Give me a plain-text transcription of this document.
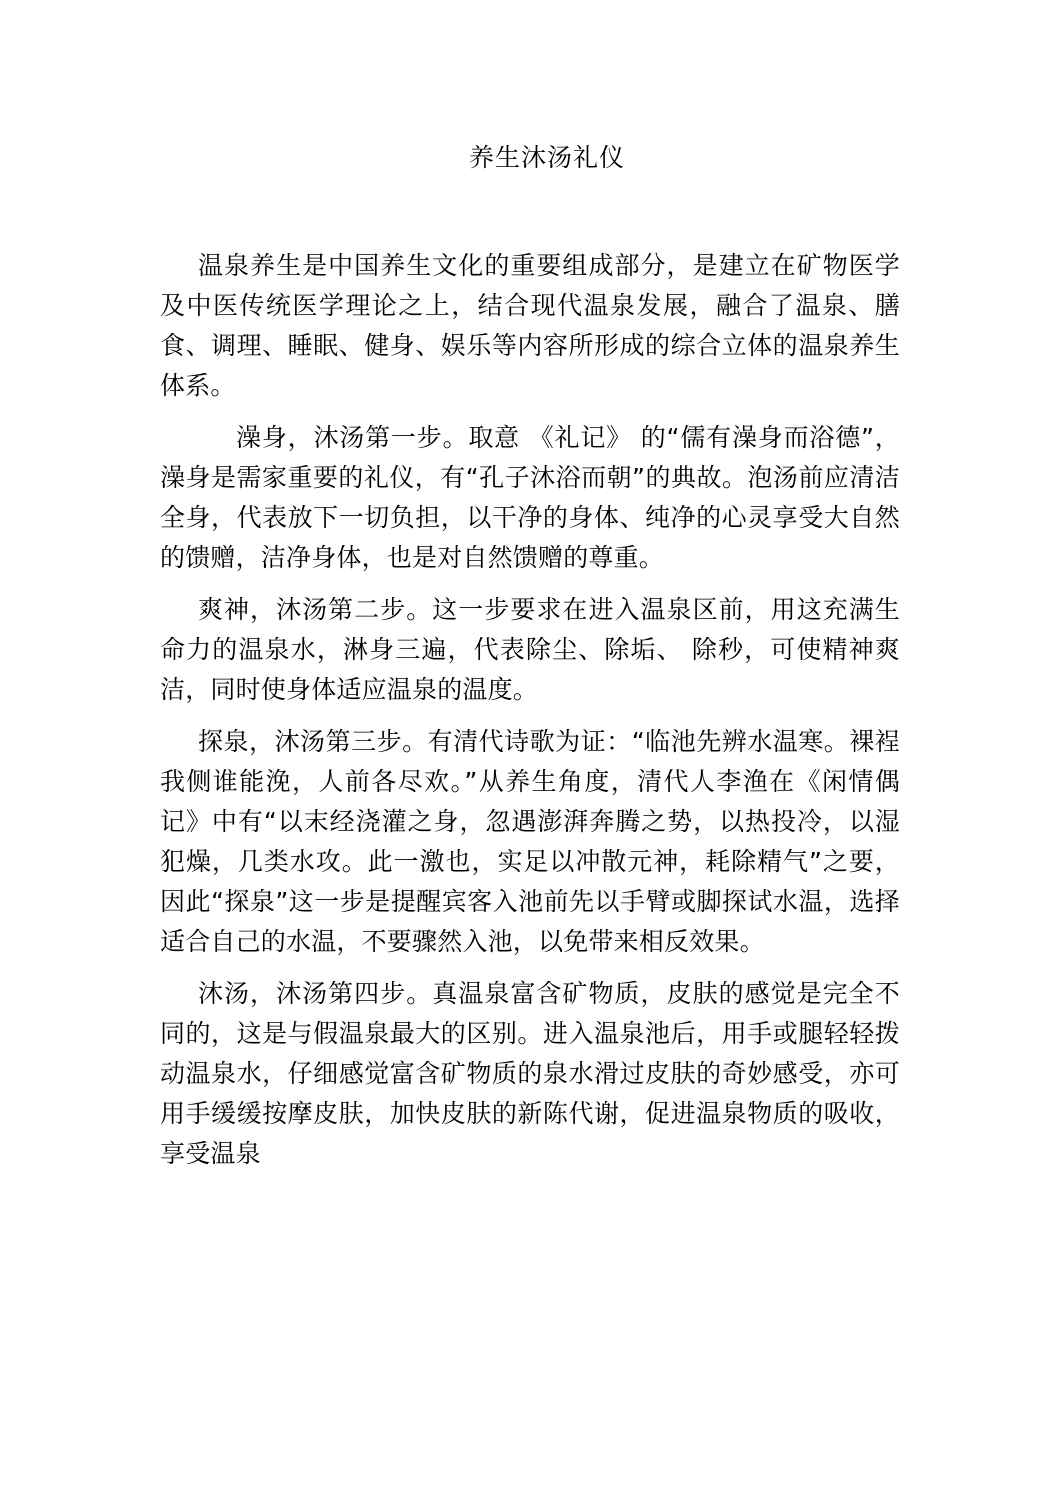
养生沐汤礼仪

温泉养生是中国养生文化的重要组成部分，是建立在矿物医学及中医传统医学理论之上，结合现代温泉发展，融合了温泉、膳食、调理、睡眠、健身、娱乐等内容所形成的综合立体的温泉养生体系。

澡身，沐汤第一步。取意 《礼记》 的“儒有澡身而浴德”，澡身是需家重要的礼仪，有“孔子沐浴而朝”的典故。泡汤前应清洁全身，代表放下一切负担，以干净的身体、纯净的心灵享受大自然的馈赠，洁净身体，也是对自然馈赠的尊重。

爽神，沐汤第二步。这一步要求在进入温泉区前，用这充满生命力的温泉水，淋身三遍，代表除尘、除垢、 除秒，可使精神爽洁，同时使身体适应温泉的温度。

探泉，沐汤第三步。有清代诗歌为证：“临池先辨水温寒。裸裎我侧谁能浼，人前各尽欢。”从养生角度，清代人李渔在《闲情偶记》中有“以末经浇灌之身，忽遇澎湃奔腾之势，以热投冷，以湿犯燥，几类水攻。此一激也，实足以冲散元神，耗除精气”之要，因此“探泉”这一步是提醒宾客入池前先以手臂或脚探试水温，选择适合自己的水温，不要骤然入池，以免带来相反效果。

沐汤，沐汤第四步。真温泉富含矿物质，皮肤的感觉是完全不同的，这是与假温泉最大的区别。进入温泉池后，用手或腿轻轻拨动温泉水，仔细感觉富含矿物质的泉水滑过皮肤的奇妙感受，亦可用手缓缓按摩皮肤，加快皮肤的新陈代谢，促进温泉物质的吸收，享受温泉
